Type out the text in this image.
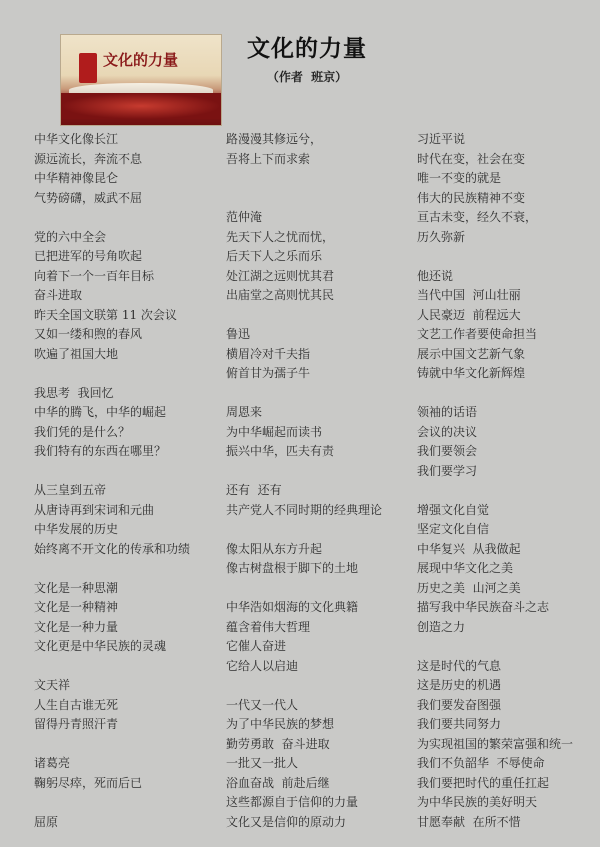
文化的力量	文化的力量
（作者  班京）
中华文化像长江
源远流长，奔流不息
中华精神像昆仑
气势磅礴，威武不屈
党的六中全会
已把进军的号角吹起
向着下一个一百年目标
奋斗进取
昨天全国文联第 11 次会议
又如一缕和煦的春风
吹遍了祖国大地
我思考  我回忆
中华的腾飞，中华的崛起
我们凭的是什么？
我们特有的东西在哪里？
从三皇到五帝
从唐诗再到宋词和元曲
中华发展的历史
始终离不开文化的传承和功绩
文化是一种思潮
文化是一种精神
文化是一种力量
文化更是中华民族的灵魂
文天祥
人生自古谁无死
留得丹青照汗青
诸葛亮
鞠躬尽瘁，死而后已
屈原
路漫漫其修远兮，
吾将上下而求索
范仲淹
先天下人之忧而忧，
后天下人之乐而乐
处江湖之远则忧其君
出庙堂之高则忧其民
鲁迅
横眉冷对千夫指
俯首甘为孺子牛
周恩来
为中华崛起而读书
振兴中华，匹夫有责
还有  还有
共产党人不同时期的经典理论
像太阳从东方升起
像古树盘根于脚下的土地
中华浩如烟海的文化典籍
蕴含着伟大哲理
它催人奋进
它给人以启迪
一代又一代人
为了中华民族的梦想
勤劳勇敢  奋斗进取
一批又一批人
浴血奋战  前赴后继
这些都源自于信仰的力量
文化又是信仰的原动力
习近平说
时代在变，社会在变
唯一不变的就是
伟大的民族精神不变
亘古未变，经久不衰，
历久弥新
他还说
当代中国  河山壮丽
人民豪迈  前程远大
文艺工作者要使命担当
展示中国文艺新气象
铸就中华文化新辉煌
领袖的话语
会议的决议
我们要领会
我们要学习
增强文化自觉
坚定文化自信
中华复兴  从我做起
展现中华文化之美
历史之美  山河之美
描写我中华民族奋斗之志
创造之力
这是时代的气息
这是历史的机遇
我们要发奋图强
我们要共同努力
为实现祖国的繁荣富强和统一
我们不负韶华  不辱使命
我们要把时代的重任扛起
为中华民族的美好明天
甘愿奉献  在所不惜
